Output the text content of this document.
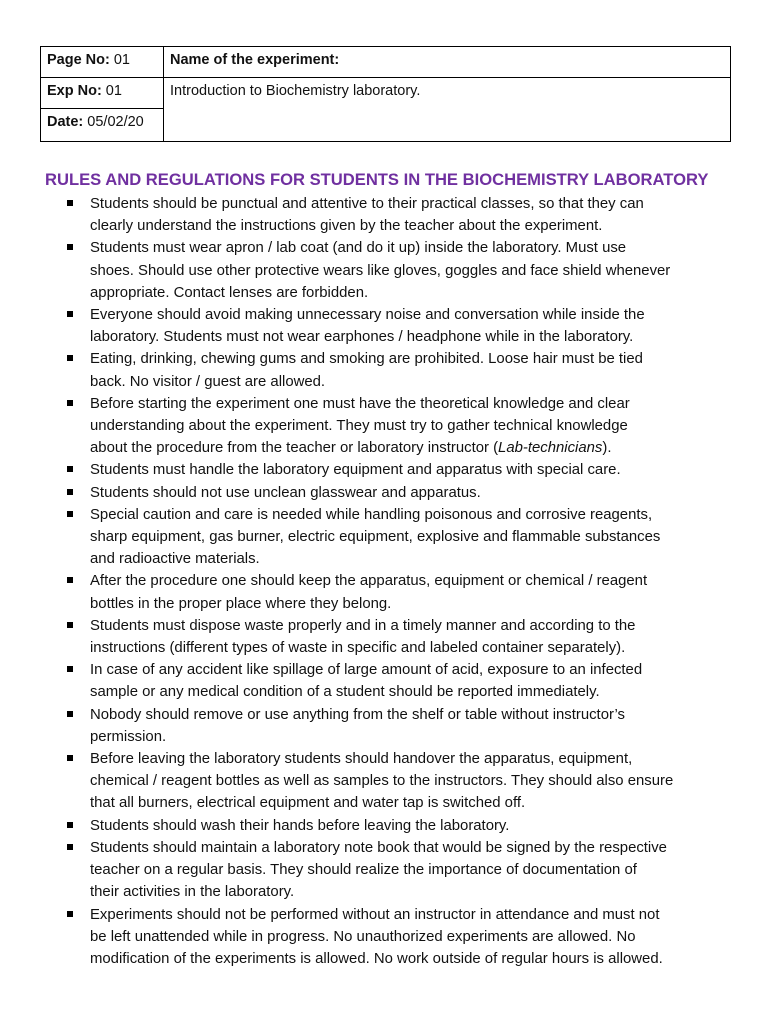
Page No: 01	Name of the experiment:
Exp No: 01	Introduction to Biochemistry laboratory.
Date: 05/02/20	
RULES AND REGULATIONS FOR STUDENTS IN THE BIOCHEMISTRY LABORATORY
Students should be punctual and attentive to their practical classes, so that they can
clearly understand the instructions given by the teacher about the experiment.
Students must wear apron / lab coat (and do it up) inside the laboratory. Must use
shoes. Should use other protective wears like gloves, goggles and face shield whenever
appropriate. Contact lenses are forbidden.
Everyone should avoid making unnecessary noise and conversation while inside the
laboratory. Students must not wear earphones / headphone while in the laboratory.
Eating, drinking, chewing gums and smoking are prohibited. Loose hair must be tied
back. No visitor / guest are allowed.
Before starting the experiment one must have the theoretical knowledge and clear
understanding about the experiment. They must try to gather technical knowledge
about the procedure from the teacher or laboratory instructor (Lab-technicians).
Students must handle the laboratory equipment and apparatus with special care.
Students should not use unclean glasswear and apparatus.
Special caution and care is needed while handling poisonous and corrosive reagents,
sharp equipment, gas burner, electric equipment, explosive and flammable substances
and radioactive materials.
After the procedure one should keep the apparatus, equipment or chemical / reagent
bottles in the proper place where they belong.
Students must dispose waste properly and in a timely manner and according to the
instructions (different types of waste in specific and labeled container separately).
In case of any accident like spillage of large amount of acid, exposure to an infected
sample or any medical condition of a student should be reported immediately.
Nobody should remove or use anything from the shelf or table without instructor’s
permission.
Before leaving the laboratory students should handover the apparatus, equipment,
chemical / reagent bottles as well as samples to the instructors. They should also ensure
that all burners, electrical equipment and water tap is switched off.
Students should wash their hands before leaving the laboratory.
Students should maintain a laboratory note book that would be signed by the respective
teacher on a regular basis. They should realize the importance of documentation of
their activities in the laboratory.
Experiments should not be performed without an instructor in attendance and must not
be left unattended while in progress. No unauthorized experiments are allowed. No
modification of the experiments is allowed. No work outside of regular hours is allowed.
